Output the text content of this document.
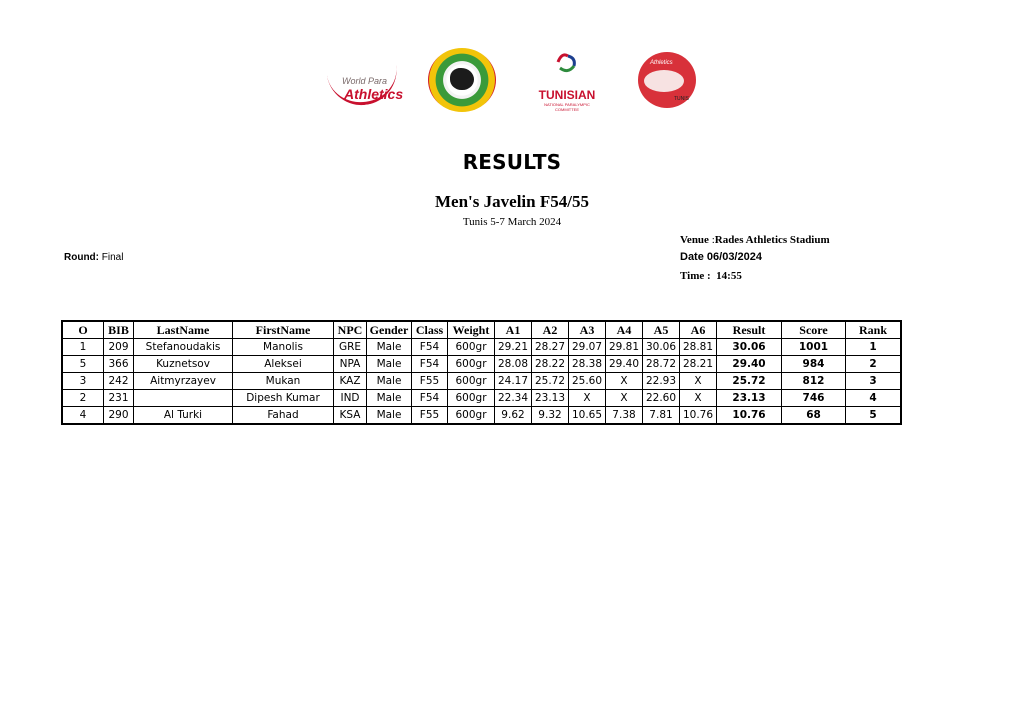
World Para
Athletics	TUNISIAN
NATIONAL PARALYMPIC COMMITTEE
Athletics
TUNIS
RESULTS
Men's Javelin F54/55
Tunis 5-7 March 2024
Round: Final
Venue :Rades Athletics Stadium
Date 06/03/2024
Time : 14:55
O	BIB	LastName	FirstName	NPC	Gender	Class	Weight	A1	A2	A3	A4	A5	A6	Result	Score	Rank
1	209	Stefanoudakis	Manolis	GRE	Male	F54	600gr	29.21	28.27	29.07	29.81	30.06	28.81	30.06	1001	1
5	366	Kuznetsov	Aleksei	NPA	Male	F54	600gr	28.08	28.22	28.38	29.40	28.72	28.21	29.40	984	2
3	242	Aitmyrzayev	Mukan	KAZ	Male	F55	600gr	24.17	25.72	25.60	X	22.93	X	25.72	812	3
2	231		Dipesh Kumar	IND	Male	F54	600gr	22.34	23.13	X	X	22.60	X	23.13	746	4
4	290	Al Turki	Fahad	KSA	Male	F55	600gr	9.62	9.32	10.65	7.38	7.81	10.76	10.76	68	5
